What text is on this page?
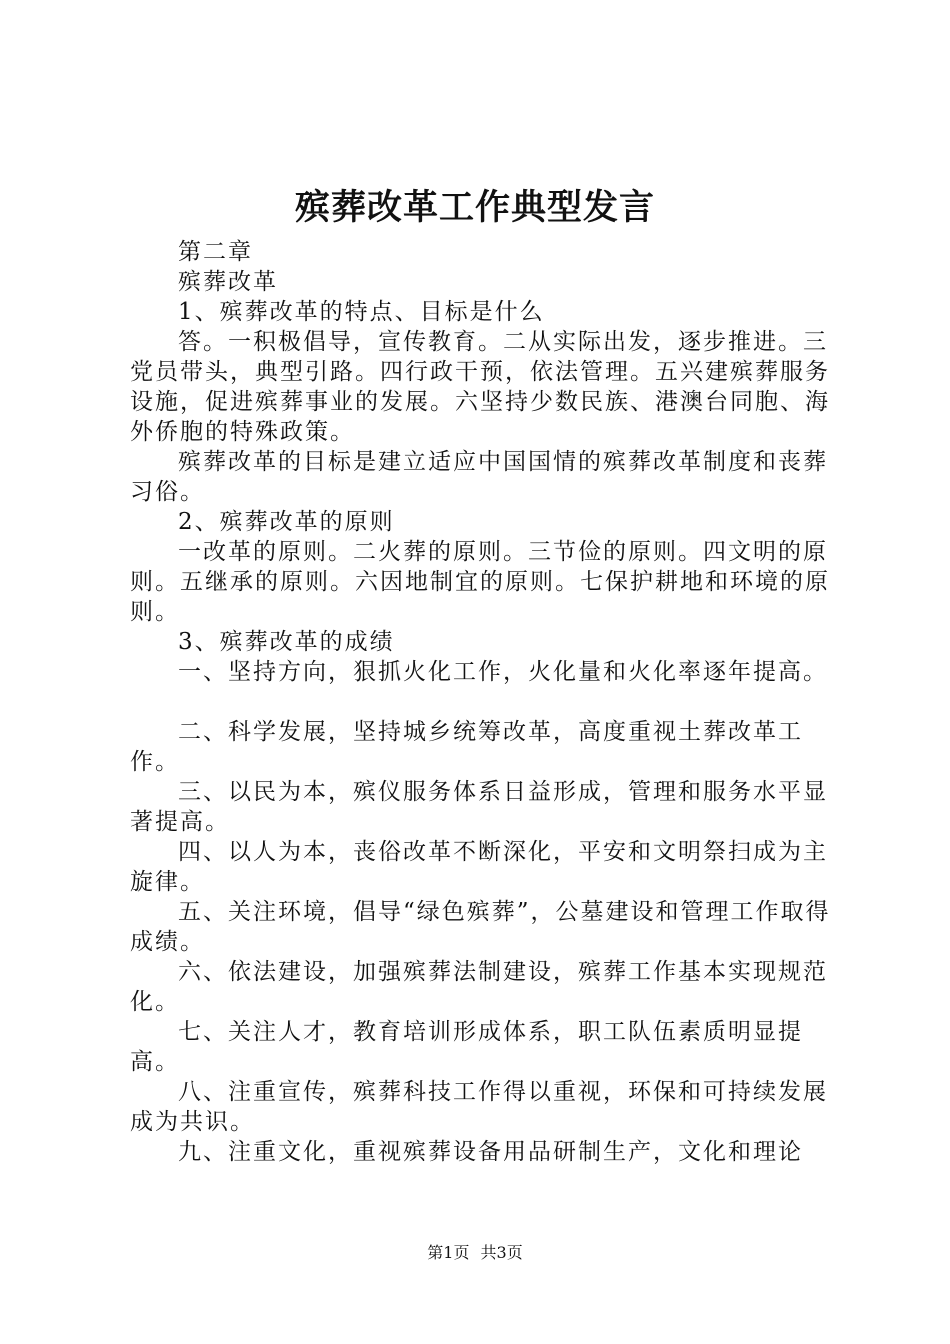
殡葬改革工作典型发言

第二章

殡葬改革

1、殡葬改革的特点、目标是什么

答。一积极倡导，宣传教育。二从实际出发，逐步推进。三党员带头，典型引路。四行政干预，依法管理。五兴建殡葬服务设施，促进殡葬事业的发展。六坚持少数民族、港澳台同胞、海外侨胞的特殊政策。

殡葬改革的目标是建立适应中国国情的殡葬改革制度和丧葬习俗。

2、殡葬改革的原则

一改革的原则。二火葬的原则。三节俭的原则。四文明的原则。五继承的原则。六因地制宜的原则。七保护耕地和环境的原则。

3、殡葬改革的成绩

一、坚持方向，狠抓火化工作，火化量和火化率逐年提高。

二、科学发展，坚持城乡统筹改革，高度重视土葬改革工作。

三、以民为本，殡仪服务体系日益形成，管理和服务水平显著提高。

四、以人为本，丧俗改革不断深化，平安和文明祭扫成为主旋律。

五、关注环境，倡导“绿色殡葬”，公墓建设和管理工作取得成绩。

六、依法建设，加强殡葬法制建设，殡葬工作基本实现规范化。

七、关注人才，教育培训形成体系，职工队伍素质明显提高。

八、注重宣传，殡葬科技工作得以重视，环保和可持续发展成为共识。

九、注重文化，重视殡葬设备用品研制生产，文化和理论

第1页 共3页
